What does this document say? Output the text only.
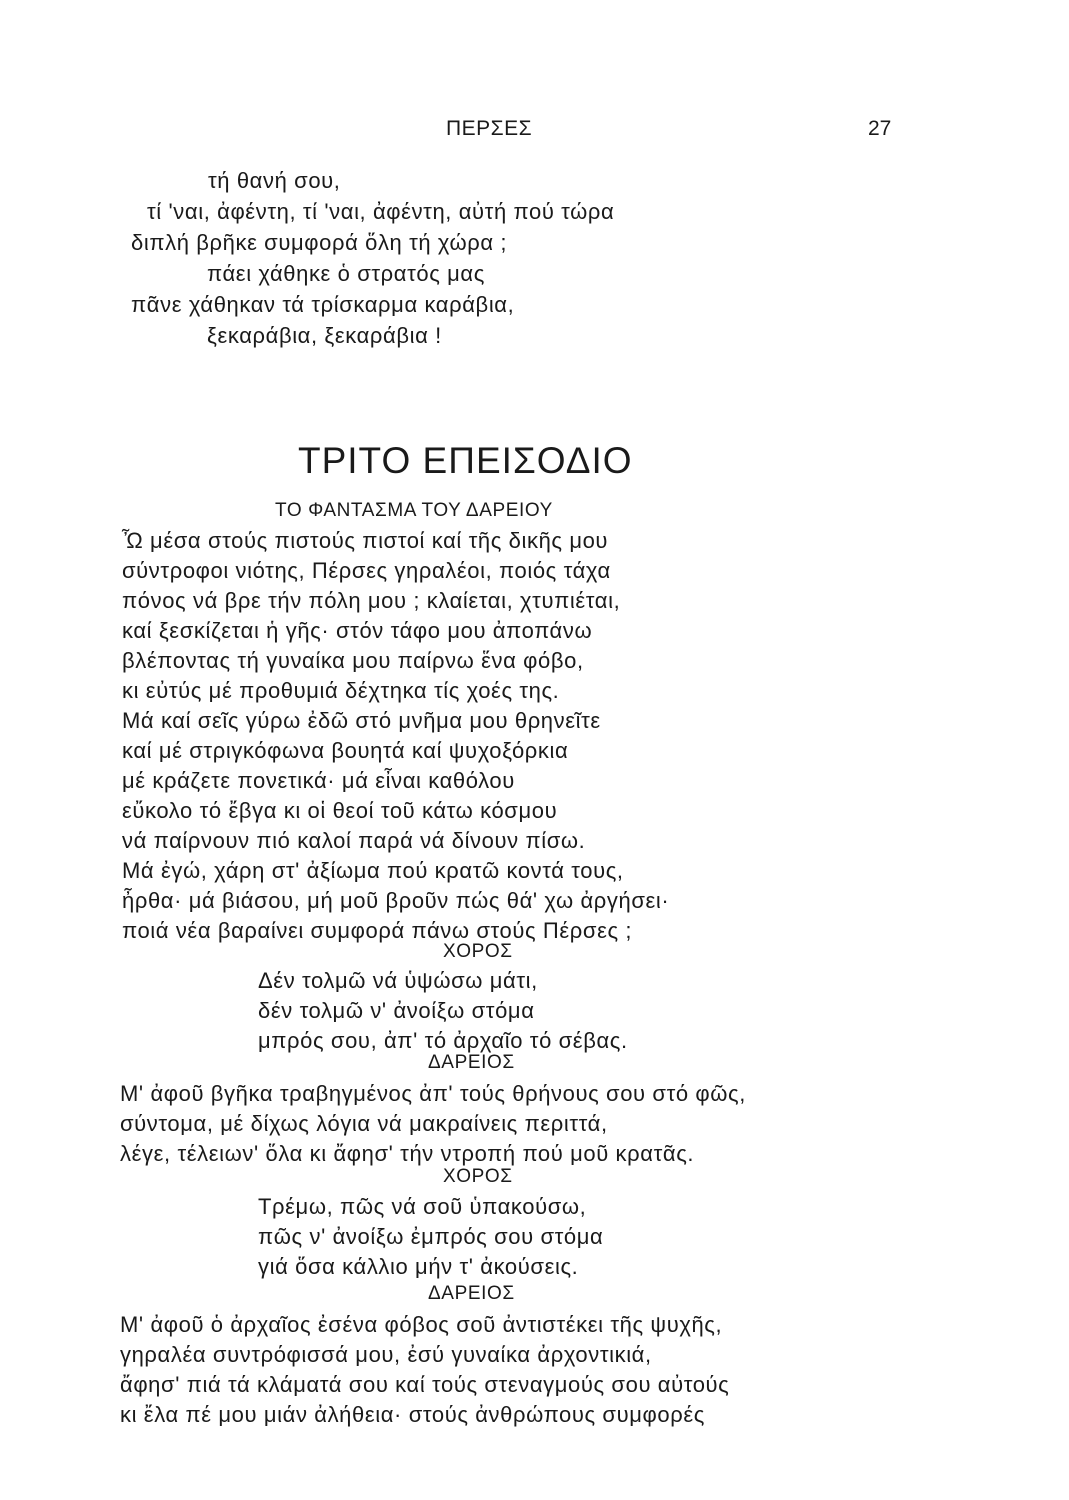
ΠΕΡΣΕΣ	27
τή θανή σου,
τί 'ναι, ἀφέντη, τί 'ναι, ἀφέντη, αὐτή πού τώρα
διπλή βρῆκε συμφορά ὅλη τή χώρα ;
πάει χάθηκε ὁ στρατός μας
πᾶνε χάθηκαν τά τρίσκαρμα καράβια,
ξεκαράβια, ξεκαράβια !
ΤΡΙΤΟ ΕΠΕΙΣΟΔΙΟ
ΤΟ ΦΑΝΤΑΣΜΑ ΤΟΥ ΔΑΡΕΙΟΥ
Ὦ μέσα στούς πιστούς πιστοί καί τῆς δικῆς μου
σύντροφοι νιότης, Πέρσες γηραλέοι, ποιός τάχα
πόνος νά βρε τήν πόλη μου ; κλαίεται, χτυπιέται,
καί ξεσκίζεται ἡ γῆς· στόν τάφο μου ἀποπάνω
βλέποντας τή γυναίκα μου παίρνω ἕνα φόβο,
κι εὐτύς μέ προθυμιά δέχτηκα τίς χοές της.
Μά καί σεῖς γύρω ἐδῶ στό μνῆμα μου θρηνεῖτε
καί μέ στριγκόφωνα βουητά καί ψυχοξόρκια
μέ κράζετε πονετικά· μά εἶναι καθόλου
εὔκολο τό ἔβγα κι οἱ θεοί τοῦ κάτω κόσμου
νά παίρνουν πιό καλοί παρά νά δίνουν πίσω.
Μά ἐγώ, χάρη στ' ἀξίωμα πού κρατῶ κοντά τους,
ἦρθα· μά βιάσου, μή μοῦ βροῦν πώς θά' χω ἀργήσει·
ποιά νέα βαραίνει συμφορά πάνω στούς Πέρσες ;
ΧΟΡΟΣ
Δέν τολμῶ νά ὑψώσω μάτι,
δέν τολμῶ ν' ἀνοίξω στόμα
μπρός σου, ἀπ' τό ἀρχαῖο τό σέβας.
ΔΑΡΕΙΟΣ
Μ' ἀφοῦ βγῆκα τραβηγμένος ἀπ' τούς θρήνους σου στό φῶς,
σύντομα, μέ δίχως λόγια νά μακραίνεις περιττά,
λέγε, τέλειων' ὅλα κι ἄφησ' τήν ντροπή πού μοῦ κρατᾶς.
ΧΟΡΟΣ
Τρέμω, πῶς νά σοῦ ὑπακούσω,
πῶς ν' ἀνοίξω ἐμπρός σου στόμα
γιά ὅσα κάλλιο μήν τ' ἀκούσεις.
ΔΑΡΕΙΟΣ
Μ' ἀφοῦ ὁ ἀρχαῖος ἐσένα φόβος σοῦ ἀντιστέκει τῆς ψυχῆς,
γηραλέα συντρόφισσά μου, ἐσύ γυναίκα ἀρχοντικιά,
ἄφησ' πιά τά κλάματά σου καί τούς στεναγμούς σου αὐτούς
κι ἔλα πέ μου μιάν ἀλήθεια· στούς ἀνθρώπους συμφορές
